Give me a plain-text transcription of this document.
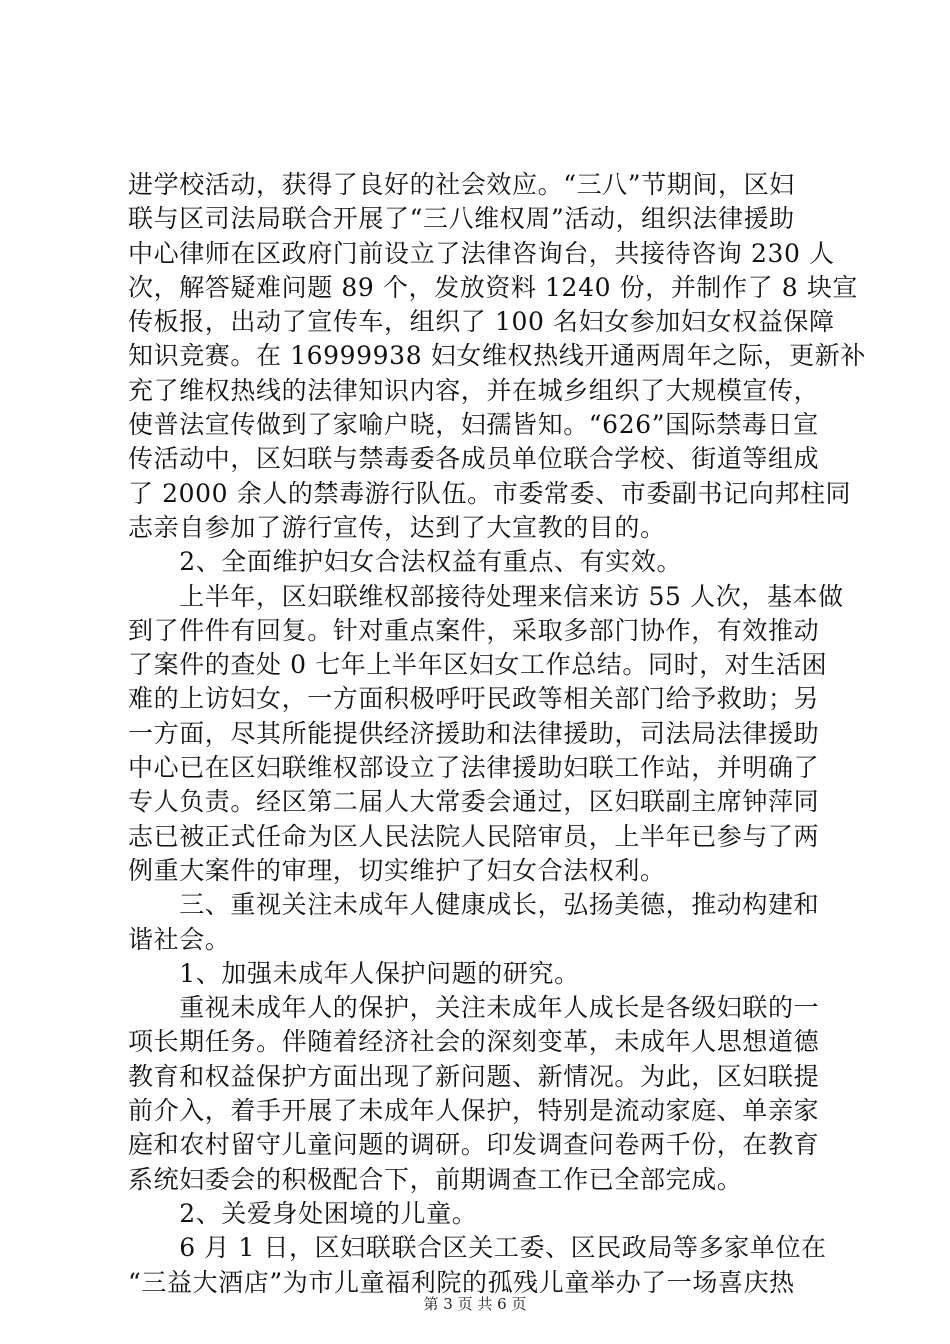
进学校活动，获得了良好的社会效应。“三八”节期间，区妇
联与区司法局联合开展了“三八维权周”活动，组织法律援助
中心律师在区政府门前设立了法律咨询台，共接待咨询 230 人
次，解答疑难问题 89 个，发放资料 1240 份，并制作了 8 块宣
传板报，出动了宣传车，组织了 100 名妇女参加妇女权益保障
知识竞赛。在 16999938 妇女维权热线开通两周年之际，更新补
充了维权热线的法律知识内容，并在城乡组织了大规模宣传，
使普法宣传做到了家喻户晓，妇孺皆知。“626”国际禁毒日宣
传活动中，区妇联与禁毒委各成员单位联合学校、街道等组成
了 2000 余人的禁毒游行队伍。市委常委、市委副书记向邦柱同
志亲自参加了游行宣传，达到了大宣教的目的。
　　2、全面维护妇女合法权益有重点、有实效。
　　上半年，区妇联维权部接待处理来信来访 55 人次，基本做
到了件件有回复。针对重点案件，采取多部门协作，有效推动
了案件的查处 0 七年上半年区妇女工作总结。同时，对生活困
难的上访妇女，一方面积极呼吁民政等相关部门给予救助；另
一方面，尽其所能提供经济援助和法律援助，司法局法律援助
中心已在区妇联维权部设立了法律援助妇联工作站，并明确了
专人负责。经区第二届人大常委会通过，区妇联副主席钟萍同
志已被正式任命为区人民法院人民陪审员，上半年已参与了两
例重大案件的审理，切实维护了妇女合法权利。
　　三、重视关注未成年人健康成长，弘扬美德，推动构建和
谐社会。
　　1、加强未成年人保护问题的研究。
　　重视未成年人的保护，关注未成年人成长是各级妇联的一
项长期任务。伴随着经济社会的深刻变革，未成年人思想道德
教育和权益保护方面出现了新问题、新情况。为此，区妇联提
前介入，着手开展了未成年人保护，特别是流动家庭、单亲家
庭和农村留守儿童问题的调研。印发调查问卷两千份，在教育
系统妇委会的积极配合下，前期调查工作已全部完成。
　　2、关爱身处困境的儿童。
　　6 月 1 日，区妇联联合区关工委、区民政局等多家单位在
“三益大酒店”为市儿童福利院的孤残儿童举办了一场喜庆热
第 3 页 共 6 页
